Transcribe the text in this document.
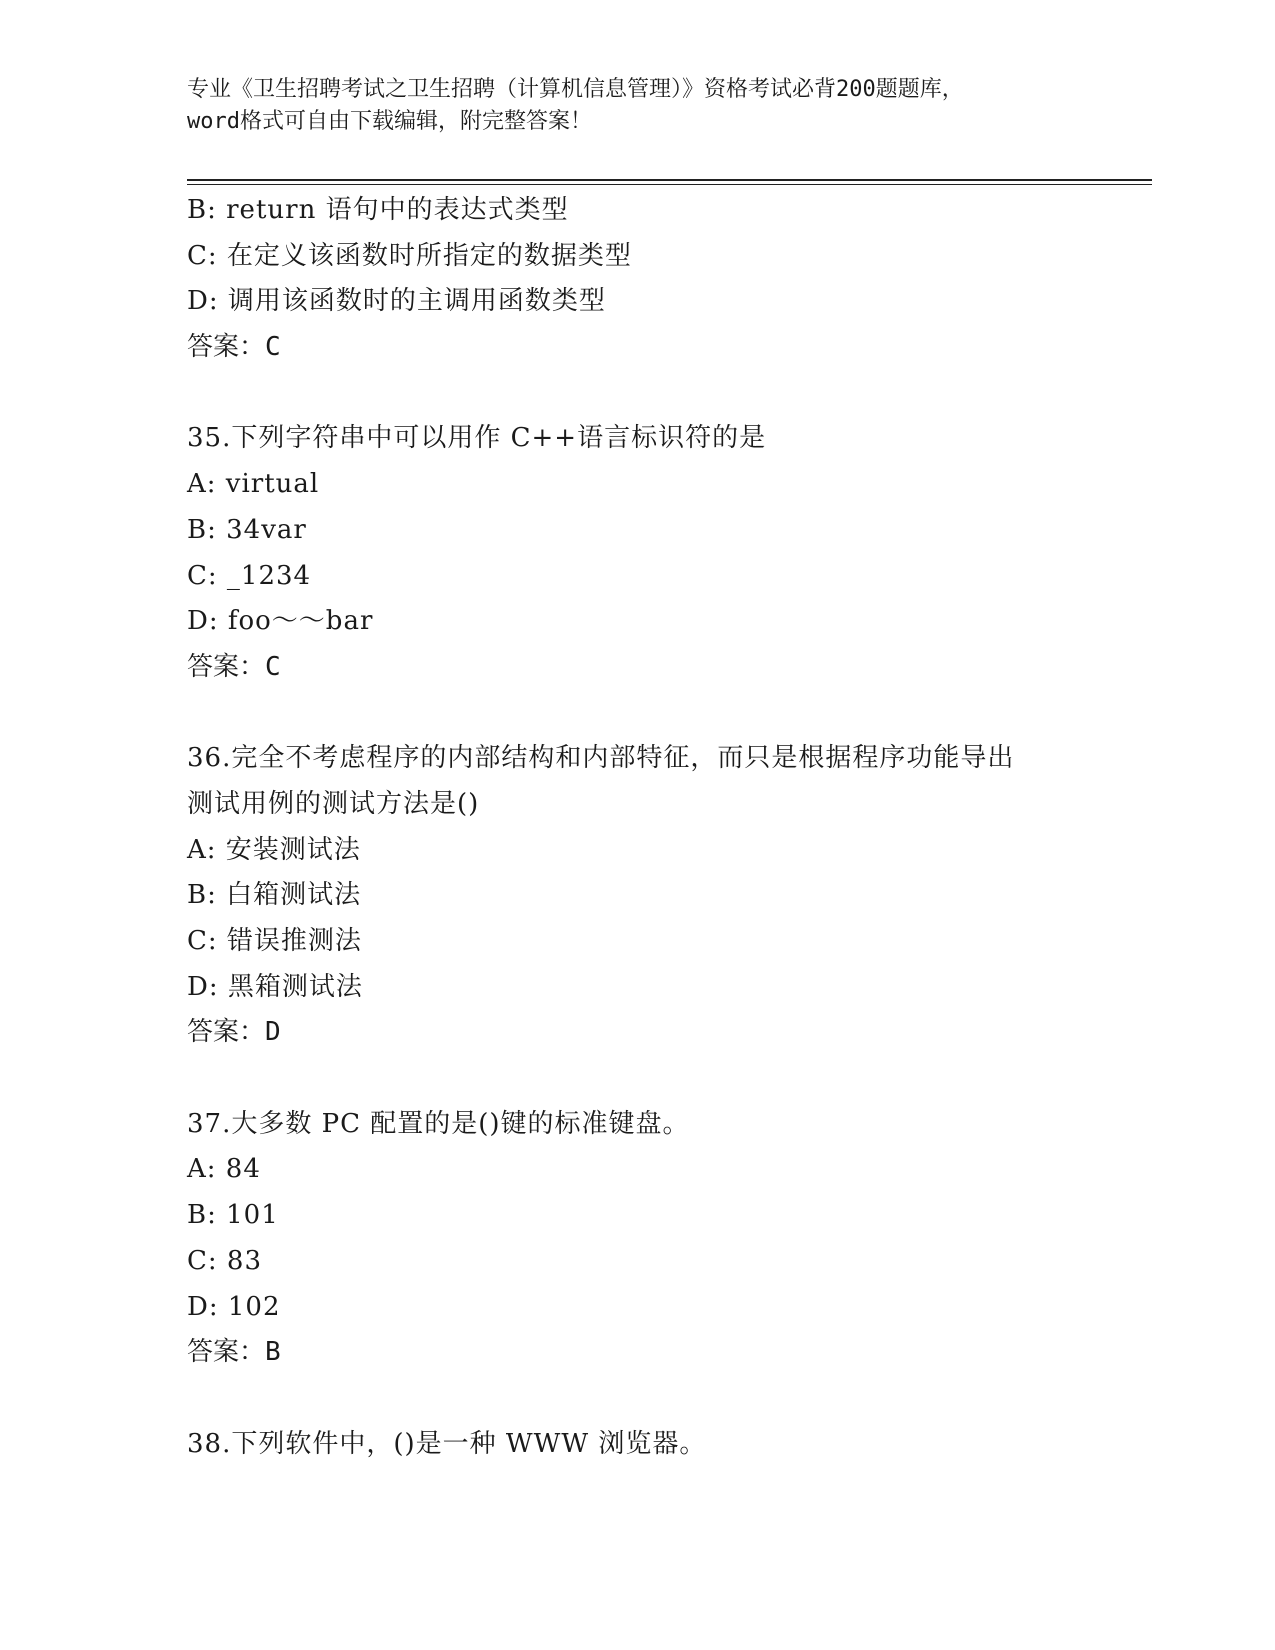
专业《卫生招聘考试之卫生招聘（计算机信息管理）》资格考试必背200题题库，
word格式可自由下载编辑，附完整答案！
B: return 语句中的表达式类型
C: 在定义该函数时所指定的数据类型
D: 调用该函数时的主调用函数类型
答案：C
35.下列字符串中可以用作 C++语言标识符的是
A: virtual
B: 34var
C: _1234
D: foo～～bar
答案：C
36.完全不考虑程序的内部结构和内部特征，而只是根据程序功能导出
测试用例的测试方法是()
A: 安装测试法
B: 白箱测试法
C: 错误推测法
D: 黑箱测试法
答案：D
37.大多数 PC 配置的是()键的标准键盘。
A: 84
B: 101
C: 83
D: 102
答案：B
38.下列软件中，()是一种 WWW 浏览器。
